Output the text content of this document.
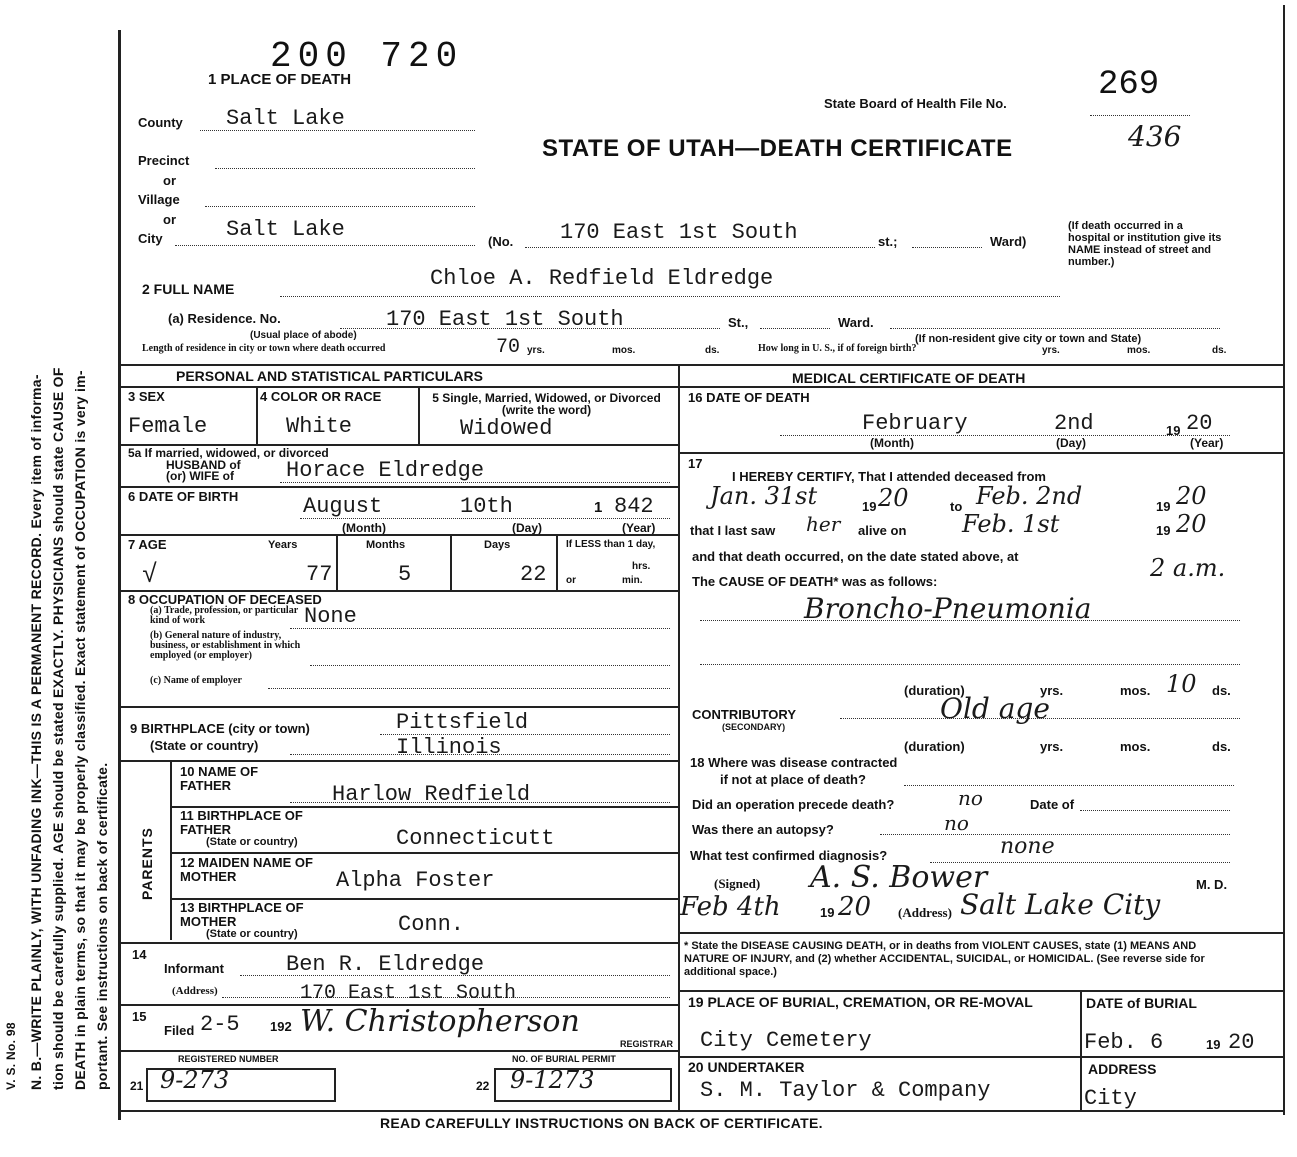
V. S. No. 98 N. B.—WRITE PLAINLY, WITH UNFADING INK—THIS IS A PERMANENT RECORD. Every item of informa- tion should be carefully supplied. AGE should be stated EXACTLY. PHYSICIANS should state CAUSE OF DEATH in plain terms, so that it may be properly classified. Exact statement of OCCUPATION is very im- portant. See instructions on back of certificate.
200 720
1 PLACE OF DEATH
State Board of Health File No.	269
436
STATE OF UTAH—DEATH CERTIFICATE
County Salt Lake
Precinct
or
Village
or
City	Salt Lake	(No. 170 East 1st South	st.;	Ward)
(If death occurred in a hospital or institution give its NAME instead of street and number.)
2 FULL NAME	Chloe A. Redfield Eldredge
(a) Residence. No.	170 East 1st South	St.,	Ward.
(Usual place of abode)	(If non-resident give city or town and State)
Length of residence in city or town where death occurred	70 yrs.	mos.	ds.	How long in U. S., if of foreign birth?	yrs.	mos.	ds.
PERSONAL AND STATISTICAL PARTICULARS	MEDICAL CERTIFICATE OF DEATH
3 SEX
Female
4 COLOR OR RACE
White
5 Single, Married, Widowed, or Divorced (write the word)
Widowed
5a If married, widowed, or divorced
HUSBAND of
(or) WIFE of Horace Eldredge
6 DATE OF BIRTH	August	10th	1 842
(Month)	(Day)	(Year)
7 AGE
√
Years	Months	Days	If LESS than 1 day,
hrs.
or	min.
77	5	22
8 OCCUPATION OF DECEASED
(a) Trade, profession, or particular kind of work	None
(b) General nature of industry, business, or establishment in which employed (or employer)
(c) Name of employer
9 BIRTHPLACE (city or town)
(State or country)
Pittsfield
Illinois
PARENTS
10 NAME OF FATHER	Harlow Redfield
11 BIRTHPLACE OF FATHER
(State or country)	Connecticutt
12 MAIDEN NAME OF MOTHER	Alpha Foster
13 BIRTHPLACE OF MOTHER
(State or country)	Conn.
14
Informant	Ben R. Eldredge
(Address)	170 East 1st South
15
Filed 2-5 192 W. Christopherson
REGISTRAR
REGISTERED NUMBER
21 9-273
NO. OF BURIAL PERMIT
22 9-1273
16 DATE OF DEATH
February	2nd	19 20
(Month)	(Day)	(Year)
17
I HEREBY CERTIFY, That I attended deceased from
Jan. 31st	19 20	to Feb. 2nd	19 20
that I last saw her alive on Feb. 1st	19 20
and that death occurred, on the date stated above, at	2 a.m.
The CAUSE OF DEATH* was as follows:
Broncho-Pneumonia
(duration)	yrs.	mos. 10 ds.
CONTRIBUTORY
(SECONDARY)
Old age
(duration)	yrs.	mos.	ds.
18 Where was disease contracted
if not at place of death?
Did an operation precede death?	no	Date of
Was there an autopsy?	no
What test confirmed diagnosis?	none
(Signed) A. S. Bower	M. D.
Feb 4th	19 20 (Address) Salt Lake City
* State the DISEASE CAUSING DEATH, or in deaths from VIOLENT CAUSES, state (1) MEANS AND NATURE OF INJURY, and (2) whether ACCIDENTAL, SUICIDAL, or HOMICIDAL. (See reverse side for additional space.)
19 PLACE OF BURIAL, CREMATION, OR RE-MOVAL
City Cemetery
DATE of BURIAL
Feb. 6	19 20
20 UNDERTAKER
S. M. Taylor & Company
ADDRESS
City
READ CAREFULLY INSTRUCTIONS ON BACK OF CERTIFICATE.
